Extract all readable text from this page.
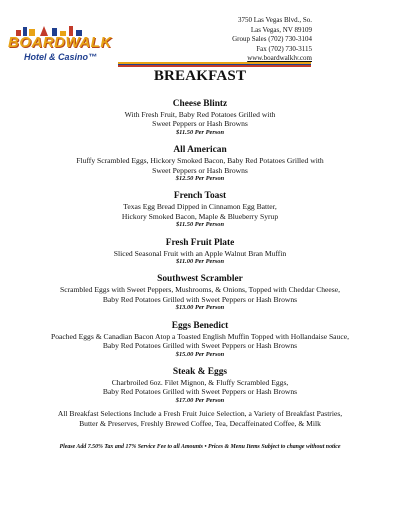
BOARDWALK
Hotel & Casino™
3750 Las Vegas Blvd., So.
Las Vegas, NV 89109
Group Sales (702) 730-3104
Fax (702) 730-3115
www.boardwalklv.com
BREAKFAST
Cheese Blintz
With Fresh Fruit, Baby Red Potatoes Grilled with
Sweet Peppers or Hash Browns
$11.50 Per Person
All American
Fluffy Scrambled Eggs, Hickory Smoked Bacon, Baby Red Potatoes Grilled with
Sweet Peppers or Hash Browns
$12.50 Per Person
French Toast
Texas Egg Bread Dipped in Cinnamon Egg Batter,
Hickory Smoked Bacon, Maple & Blueberry Syrup
$11.50 Per Person
Fresh Fruit Plate
Sliced Seasonal Fruit with an Apple Walnut Bran Muffin
$11.00 Per Person
Southwest Scrambler
Scrambled Eggs with Sweet Peppers, Mushrooms, & Onions, Topped with Cheddar Cheese,
Baby Red Potatoes Grilled with Sweet Peppers or Hash Browns
$13.00 Per Person
Eggs Benedict
Poached Eggs & Canadian Bacon Atop a Toasted English Muffin Topped with Hollandaise Sauce,
Baby Red Potatoes Grilled with Sweet Peppers or Hash Browns
$15.00 Per Person
Steak & Eggs
Charbroiled 6oz. Filet Mignon, & Fluffy Scrambled Eggs,
Baby Red Potatoes Grilled with Sweet Peppers or Hash Browns
$17.00 Per Person
All Breakfast Selections Include a Fresh Fruit Juice Selection, a Variety of Breakfast Pastries,
Butter & Preserves, Freshly Brewed Coffee, Tea, Decaffeinated Coffee, & Milk
Please Add 7.50% Tax and 17% Service Fee to all Amounts • Prices & Menu Items Subject to change without notice
